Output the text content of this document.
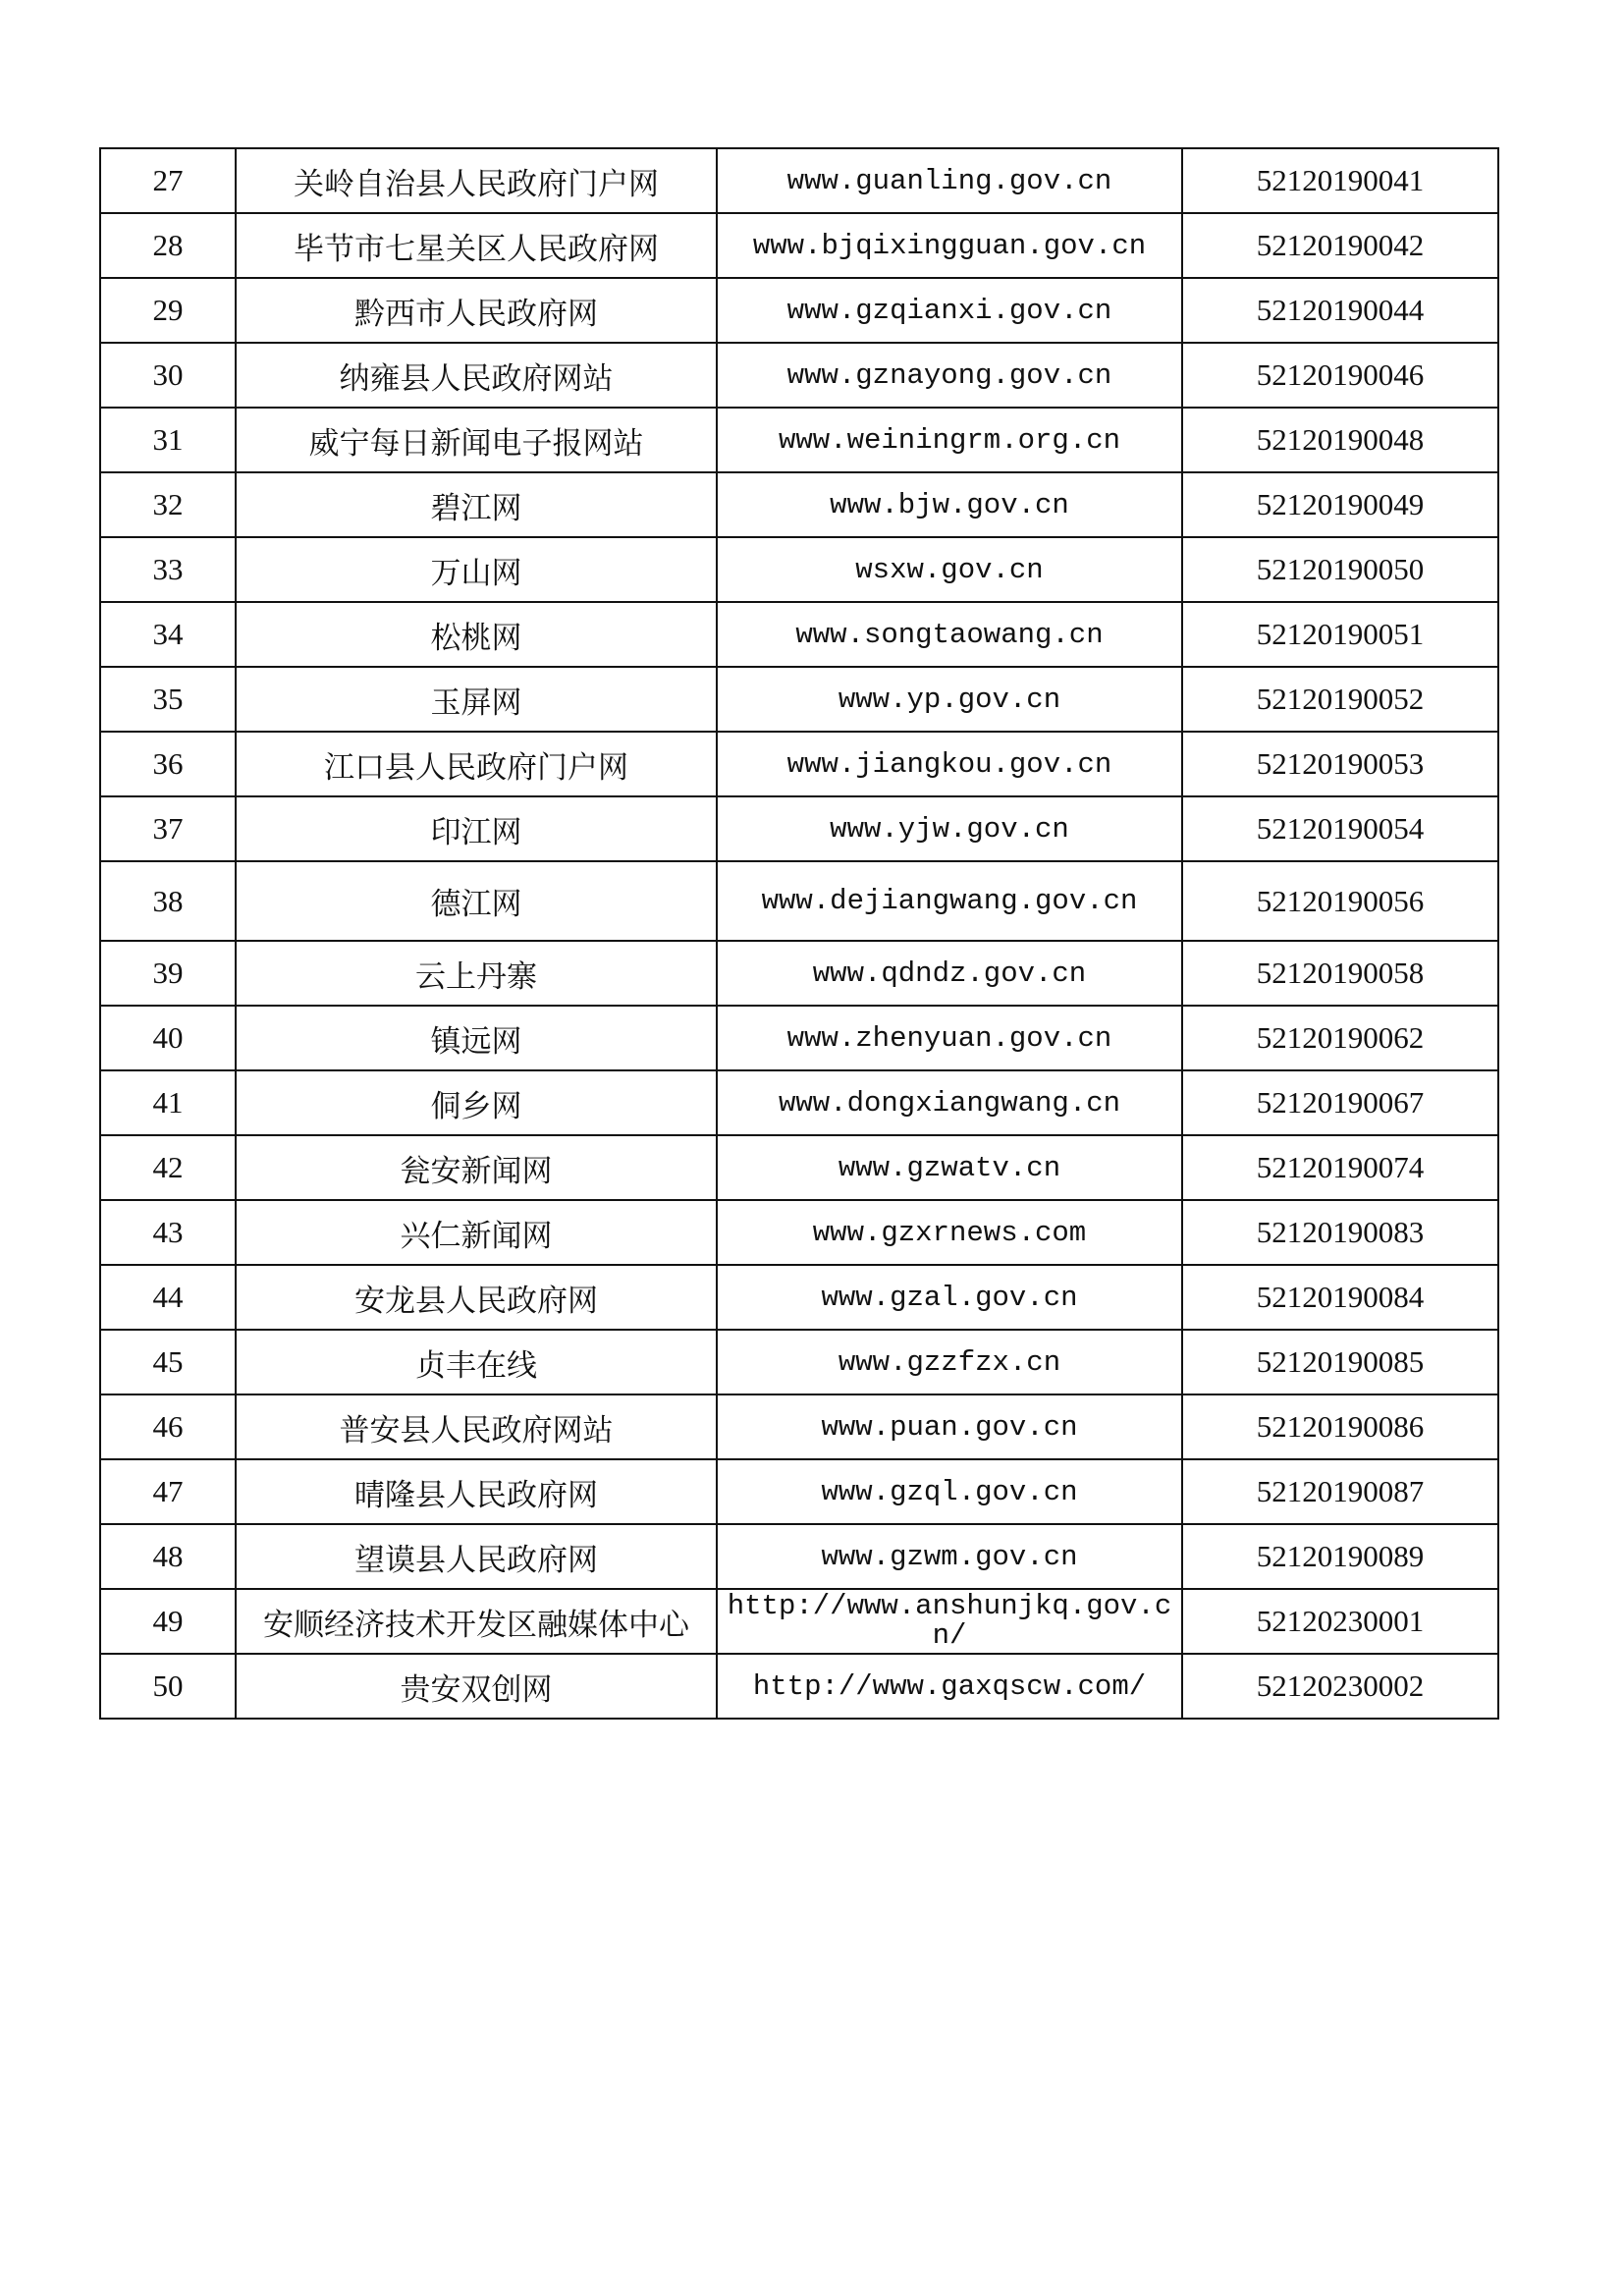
27	关岭自治县人民政府门户网	www.guanling.gov.cn	52120190041
28	毕节市七星关区人民政府网	www.bjqixingguan.gov.cn	52120190042
29	黔西市人民政府网	www.gzqianxi.gov.cn	52120190044
30	纳雍县人民政府网站	www.gznayong.gov.cn	52120190046
31	威宁每日新闻电子报网站	www.weiningrm.org.cn	52120190048
32	碧江网	www.bjw.gov.cn	52120190049
33	万山网	wsxw.gov.cn	52120190050
34	松桃网	www.songtaowang.cn	52120190051
35	玉屏网	www.yp.gov.cn	52120190052
36	江口县人民政府门户网	www.jiangkou.gov.cn	52120190053
37	印江网	www.yjw.gov.cn	52120190054
38	德江网	www.dejiangwang.gov.cn	52120190056
39	云上丹寨	www.qdndz.gov.cn	52120190058
40	镇远网	www.zhenyuan.gov.cn	52120190062
41	侗乡网	www.dongxiangwang.cn	52120190067
42	瓮安新闻网	www.gzwatv.cn	52120190074
43	兴仁新闻网	www.gzxrnews.com	52120190083
44	安龙县人民政府网	www.gzal.gov.cn	52120190084
45	贞丰在线	www.gzzfzx.cn	52120190085
46	普安县人民政府网站	www.puan.gov.cn	52120190086
47	晴隆县人民政府网	www.gzql.gov.cn	52120190087
48	望谟县人民政府网	www.gzwm.gov.cn	52120190089
49	安顺经济技术开发区融媒体中心	http://www.anshunjkq.gov.cn/	52120230001
50	贵安双创网	http://www.gaxqscw.com/	52120230002
